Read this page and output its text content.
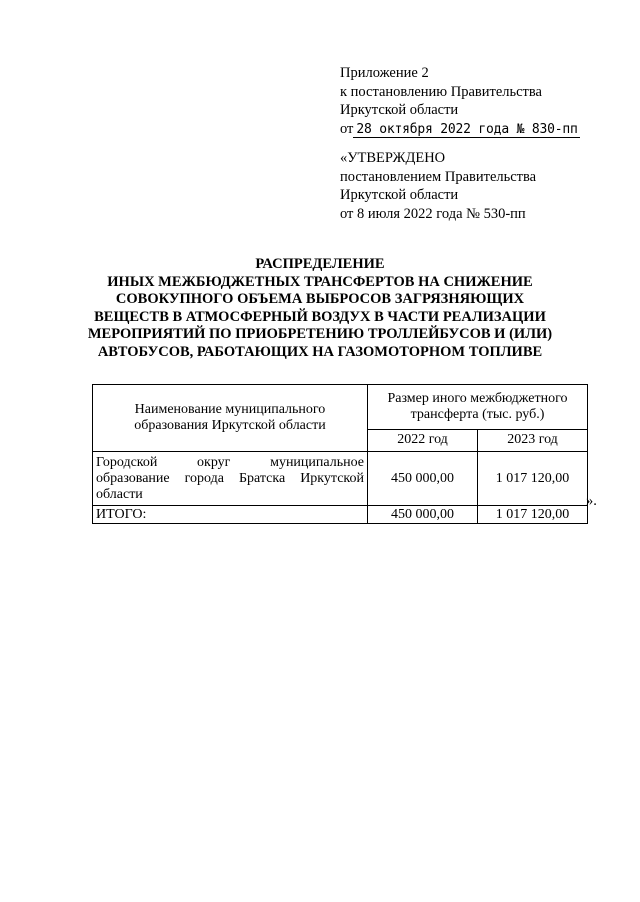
Приложение 2
к постановлению Правительства
Иркутской области
от 28 октября 2022 года № 830-пп
«УТВЕРЖДЕНО
постановлением Правительства
Иркутской области
от 8 июля 2022 года № 530-пп
РАСПРЕДЕЛЕНИЕ
ИНЫХ МЕЖБЮДЖЕТНЫХ ТРАНСФЕРТОВ НА СНИЖЕНИЕ
СОВОКУПНОГО ОБЪЕМА ВЫБРОСОВ ЗАГРЯЗНЯЮЩИХ
ВЕЩЕСТВ В АТМОСФЕРНЫЙ ВОЗДУХ В ЧАСТИ РЕАЛИЗАЦИИ
МЕРОПРИЯТИЙ ПО ПРИОБРЕТЕНИЮ ТРОЛЛЕЙБУСОВ И (ИЛИ)
АВТОБУСОВ, РАБОТАЮЩИХ НА ГАЗОМОТОРНОМ ТОПЛИВЕ
Наименование муниципального образования Иркутской области	Размер иного межбюджетного трансферта (тыс. руб.)	
	2022 год	2023 год
Городской округ муниципальное образование города Братска Иркутской области	450 000,00	1 017 120,00
ИТОГО:	450 000,00	1 017 120,00
».
